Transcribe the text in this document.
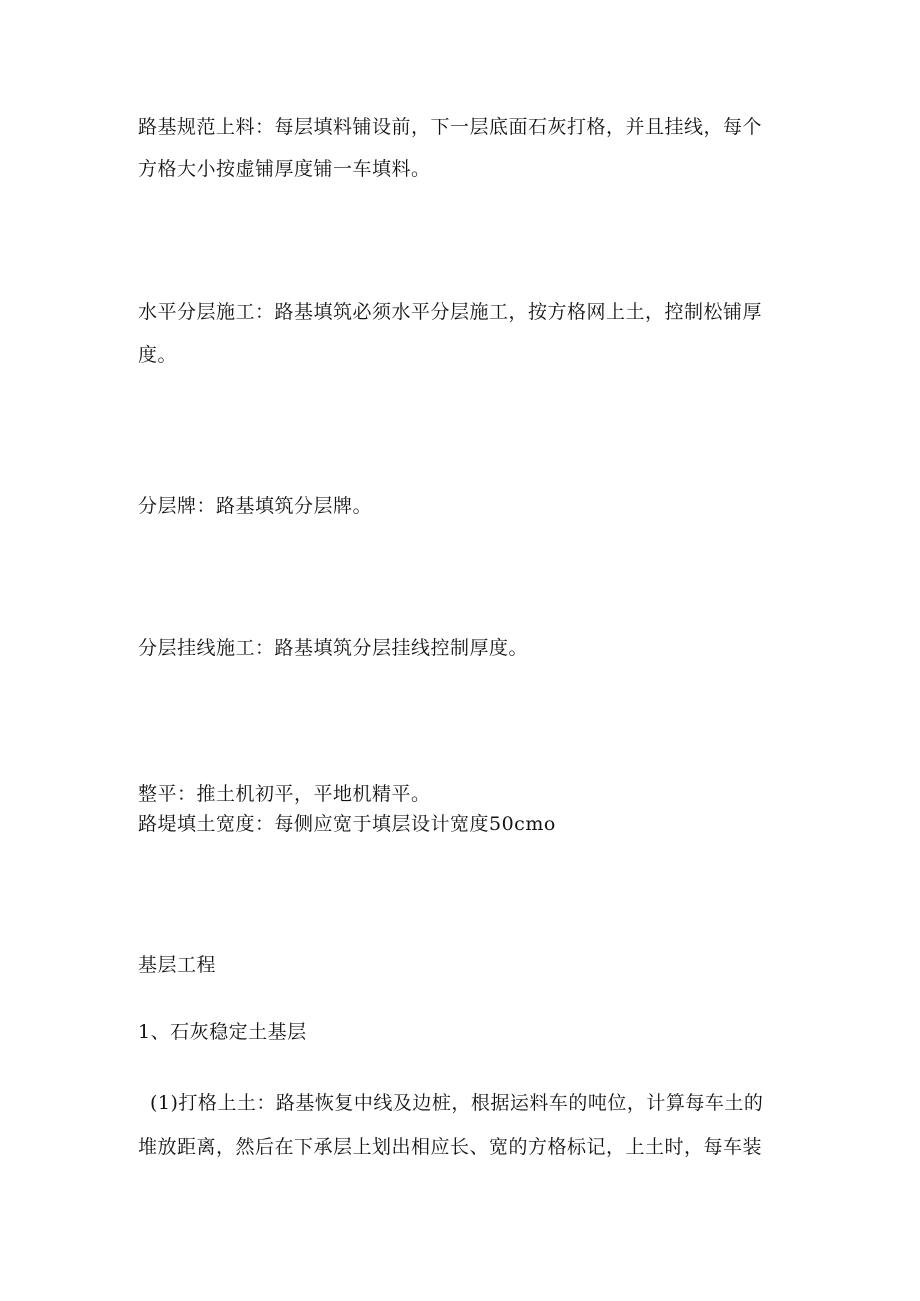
路基规范上料：每层填料铺设前，下一层底面石灰打格，并且挂线，每个
方格大小按虚铺厚度铺一车填料。
水平分层施工：路基填筑必须水平分层施工，按方格网上土，控制松铺厚
度。
分层牌：路基填筑分层牌。
分层挂线施工：路基填筑分层挂线控制厚度。
整平：推土机初平，平地机精平。
路堤填土宽度：每侧应宽于填层设计宽度50cmo
基层工程
1、石灰稳定土基层
(1)打格上土：路基恢复中线及边桩，根据运料车的吨位，计算每车土的
堆放距离，然后在下承层上划出相应长、宽的方格标记，上土时，每车装
